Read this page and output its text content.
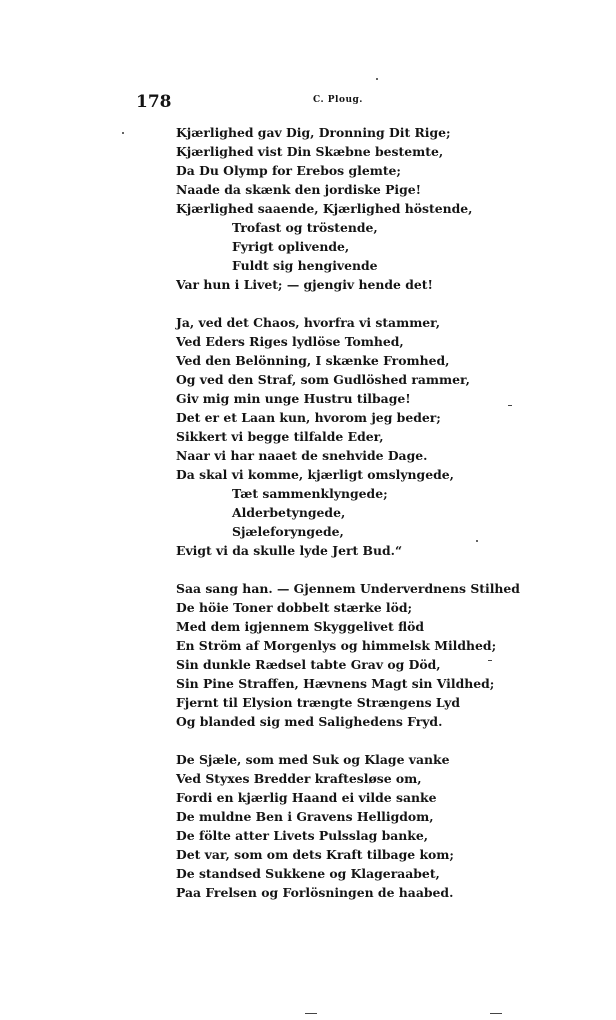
178	C. Ploug.
Kjærlighed gav Dig, Dronning Dit Rige;
Kjærlighed vist Din Skæbne bestemte,
Da Du Olymp for Erebos glemte;
Naade da skænk den jordiske Pige!
Kjærlighed saaende, Kjærlighed höstende,
Trofast og tröstende,
Fyrigt oplivende,
Fuldt sig hengivende
Var hun i Livet; — gjengiv hende det!
Ja, ved det Chaos, hvorfra vi stammer,
Ved Eders Riges lydlöse Tomhed,
Ved den Belönning, I skænke Fromhed,
Og ved den Straf, som Gudlöshed rammer,
Giv mig min unge Hustru tilbage!
Det er et Laan kun, hvorom jeg beder;
Sikkert vi begge tilfalde Eder,
Naar vi har naaet de snehvide Dage.
Da skal vi komme, kjærligt omslyngede,
Tæt sammenklyngede;
Alderbetyngede,
Sjæleforyngede,
Evigt vi da skulle lyde Jert Bud.“
Saa sang han. — Gjennem Underverdnens Stilhed
De höie Toner dobbelt stærke löd;
Med dem igjennem Skyggelivet flöd
En Ström af Morgenlys og himmelsk Mildhed;
Sin dunkle Rædsel tabte Grav og Död,
Sin Pine Straffen, Hævnens Magt sin Vildhed;
Fjernt til Elysion trængte Strængens Lyd
Og blanded sig med Salighedens Fryd.
De Sjæle, som med Suk og Klage vanke
Ved Styxes Bredder kraftesløse om,
Fordi en kjærlig Haand ei vilde sanke
De muldne Ben i Gravens Helligdom,
De fölte atter Livets Pulsslag banke,
Det var, som om dets Kraft tilbage kom;
De standsed Sukkene og Klageraabet,
Paa Frelsen og Forlösningen de haabed.
